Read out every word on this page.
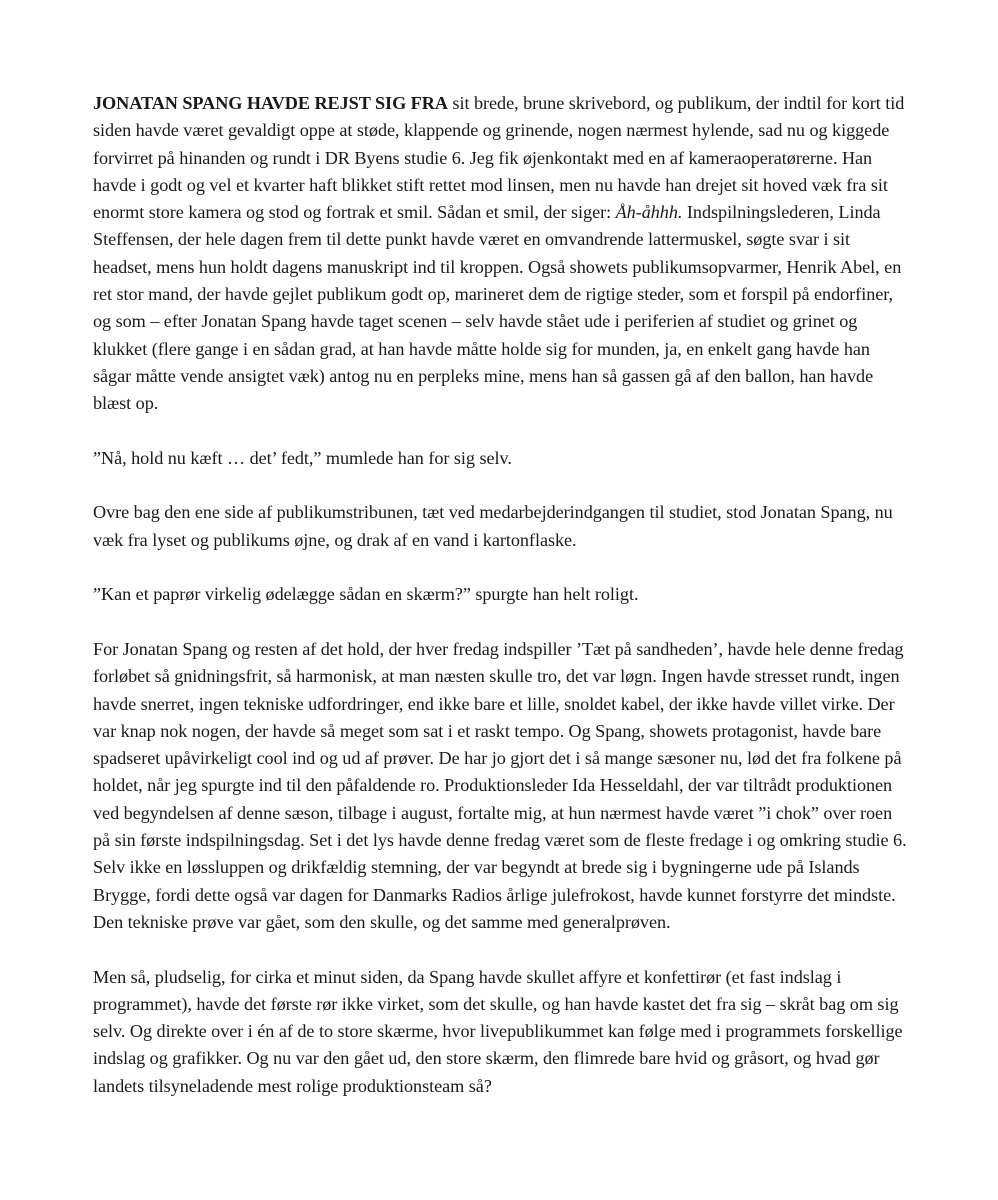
JONATAN SPANG HAVDE REJST SIG FRA sit brede, brune skrivebord, og publikum, der indtil for kort tid siden havde været gevaldigt oppe at støde, klappende og grinende, nogen nærmest hylende, sad nu og kiggede forvirret på hinanden og rundt i DR Byens studie 6. Jeg fik øjenkontakt med en af kameraoperatørerne. Han havde i godt og vel et kvarter haft blikket stift rettet mod linsen, men nu havde han drejet sit hoved væk fra sit enormt store kamera og stod og fortrak et smil. Sådan et smil, der siger: Åh-åhhh. Indspilningslederen, Linda Steffensen, der hele dagen frem til dette punkt havde været en omvandrende lattermuskel, søgte svar i sit headset, mens hun holdt dagens manuskript ind til kroppen. Også showets publikumsopvarmer, Henrik Abel, en ret stor mand, der havde gejlet publikum godt op, marineret dem de rigtige steder, som et forspil på endorfiner, og som – efter Jonatan Spang havde taget scenen – selv havde stået ude i periferien af studiet og grinet og klukket (flere gange i en sådan grad, at han havde måtte holde sig for munden, ja, en enkelt gang havde han sågar måtte vende ansigtet væk) antog nu en perpleks mine, mens han så gassen gå af den ballon, han havde blæst op.

”Nå, hold nu kæft … det’ fedt,” mumlede han for sig selv.

Ovre bag den ene side af publikumstribunen, tæt ved medarbejderindgangen til studiet, stod Jonatan Spang, nu væk fra lyset og publikums øjne, og drak af en vand i kartonflaske.

”Kan et paprør virkelig ødelægge sådan en skærm?” spurgte han helt roligt.

For Jonatan Spang og resten af det hold, der hver fredag indspiller ’Tæt på sandheden’, havde hele denne fredag forløbet så gnidningsfrit, så harmonisk, at man næsten skulle tro, det var løgn. Ingen havde stresset rundt, ingen havde snerret, ingen tekniske udfordringer, end ikke bare et lille, snoldet kabel, der ikke havde villet virke. Der var knap nok nogen, der havde så meget som sat i et raskt tempo. Og Spang, showets protagonist, havde bare spadseret upåvirkeligt cool ind og ud af prøver. De har jo gjort det i så mange sæsoner nu, lød det fra folkene på holdet, når jeg spurgte ind til den påfaldende ro. Produktionsleder Ida Hesseldahl, der var tiltrådt produktionen ved begyndelsen af denne sæson, tilbage i august, fortalte mig, at hun nærmest havde været ”i chok” over roen på sin første indspilningsdag. Set i det lys havde denne fredag været som de fleste fredage i og omkring studie 6. Selv ikke en løssluppen og drikfældig stemning, der var begyndt at brede sig i bygningerne ude på Islands Brygge, fordi dette også var dagen for Danmarks Radios årlige julefrokost, havde kunnet forstyrre det mindste. Den tekniske prøve var gået, som den skulle, og det samme med generalprøven.

Men så, pludselig, for cirka et minut siden, da Spang havde skullet affyre et konfettirør (et fast indslag i programmet), havde det første rør ikke virket, som det skulle, og han havde kastet det fra sig – skråt bag om sig selv. Og direkte over i én af de to store skærme, hvor livepublikummet kan følge med i programmets forskellige indslag og grafikker. Og nu var den gået ud, den store skærm, den flimrede bare hvid og gråsort, og hvad gør landets tilsyneladende mest rolige produktionsteam så?
